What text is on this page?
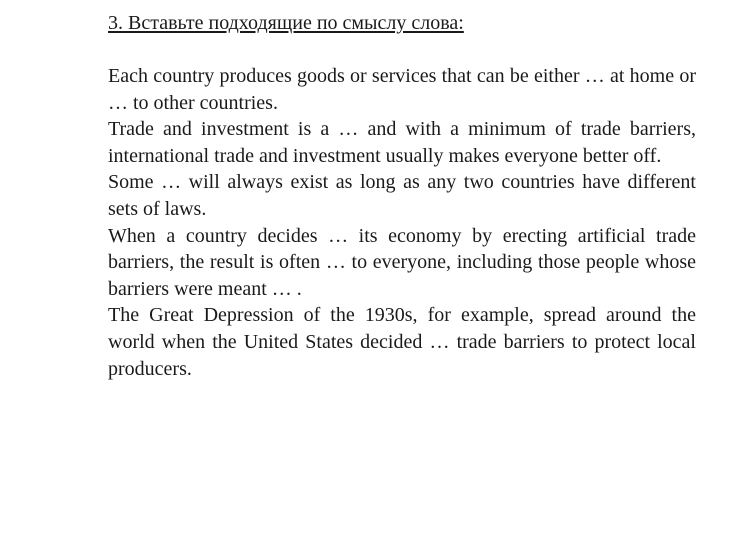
3. Вставьте подходящие по смыслу слова:

Each country produces goods or services that can be either … at home or … to other countries.

Trade and investment is a … and with a minimum of trade barriers, international trade and investment usually makes everyone better off.

Some … will always exist as long as any two countries have different sets of laws.

When a country decides … its economy by erecting artificial trade barriers, the result is often … to everyone, including those people whose barriers were meant … .

The Great Depression of the 1930s, for example, spread around the world when the United States decided … trade barriers to protect local producers.
